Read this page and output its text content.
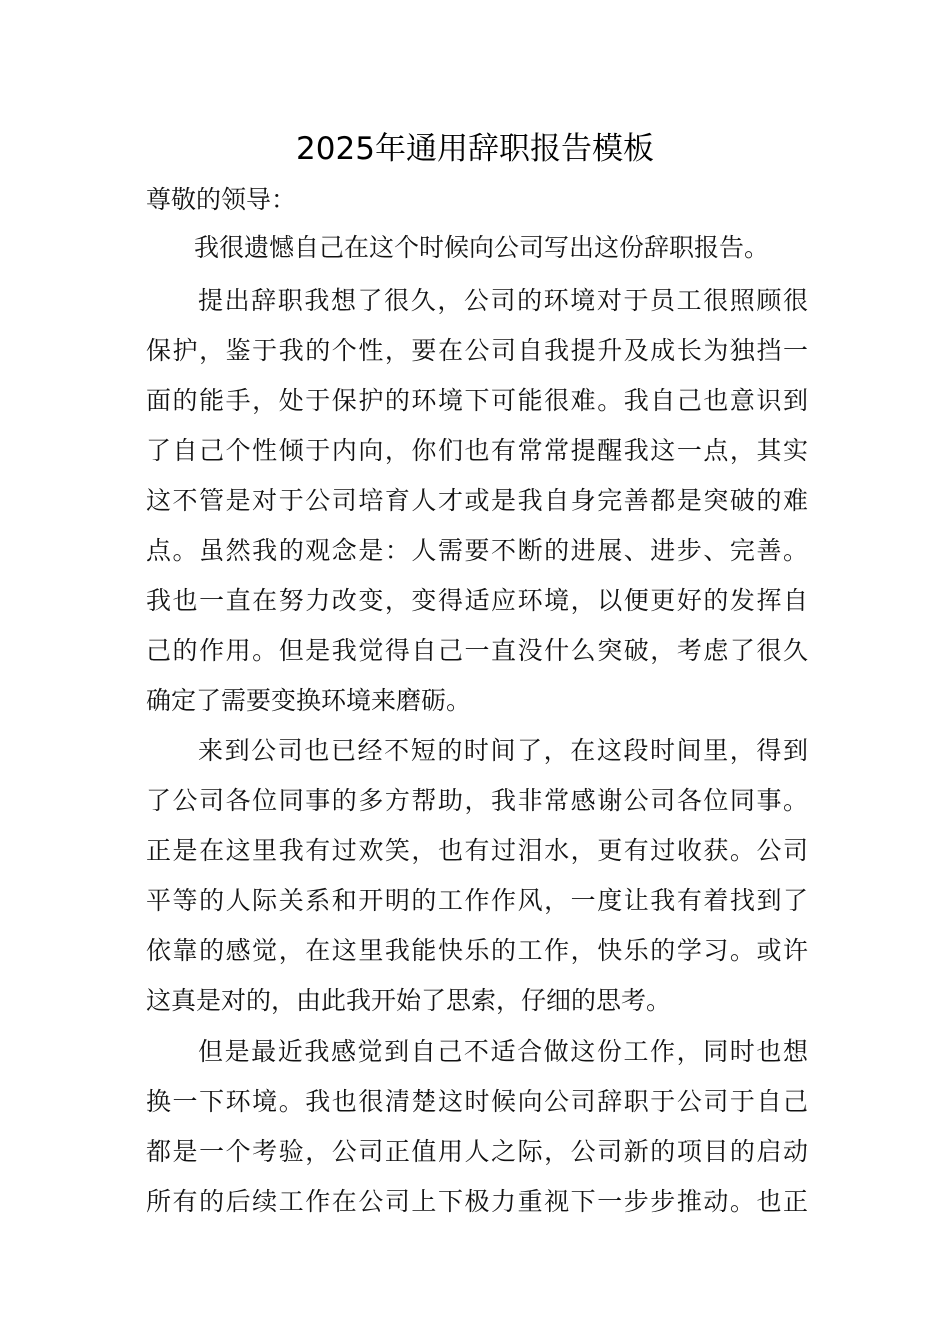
2025年通用辞职报告模板
尊敬的领导：
我很遗憾自己在这个时候向公司写出这份辞职报告。
提出辞职我想了很久，公司的环境对于员工很照顾很
保护，鉴于我的个性，要在公司自我提升及成长为独挡一
面的能手，处于保护的环境下可能很难。我自己也意识到
了自己个性倾于内向，你们也有常常提醒我这一点，其实
这不管是对于公司培育人才或是我自身完善都是突破的难
点。虽然我的观念是：人需要不断的进展、进步、完善。
我也一直在努力改变，变得适应环境，以便更好的发挥自
己的作用。但是我觉得自己一直没什么突破，考虑了很久
确定了需要变换环境来磨砺。
来到公司也已经不短的时间了，在这段时间里，得到
了公司各位同事的多方帮助，我非常感谢公司各位同事。
正是在这里我有过欢笑，也有过泪水，更有过收获。公司
平等的人际关系和开明的工作作风，一度让我有着找到了
依靠的感觉，在这里我能快乐的工作，快乐的学习。或许
这真是对的，由此我开始了思索，仔细的思考。
但是最近我感觉到自己不适合做这份工作，同时也想
换一下环境。我也很清楚这时候向公司辞职于公司于自己
都是一个考验，公司正值用人之际，公司新的项目的启动
所有的后续工作在公司上下极力重视下一步步推动。也正
